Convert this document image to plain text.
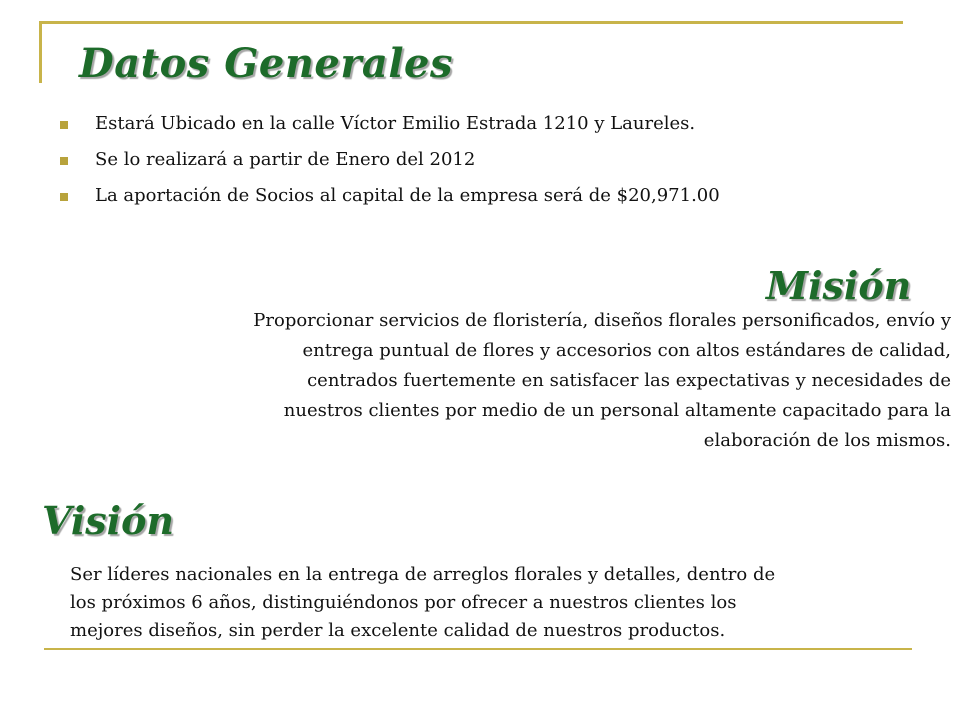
Datos Generales
Estará Ubicado en la calle Víctor Emilio Estrada 1210 y Laureles.
Se lo realizará a partir de Enero del 2012
La aportación de Socios al capital de la empresa será de $20,971.00
Misión
Proporcionar servicios de floristería, diseños florales personificados, envío y
entrega puntual de flores y accesorios con altos estándares de calidad,
centrados fuertemente en satisfacer las expectativas y necesidades de
nuestros clientes por medio de un personal altamente capacitado para la
elaboración de los mismos.
Visión
Ser líderes nacionales en la entrega de arreglos florales y detalles, dentro de
los próximos 6 años, distinguiéndonos por ofrecer a nuestros clientes los
mejores diseños, sin perder la excelente calidad de nuestros productos.
